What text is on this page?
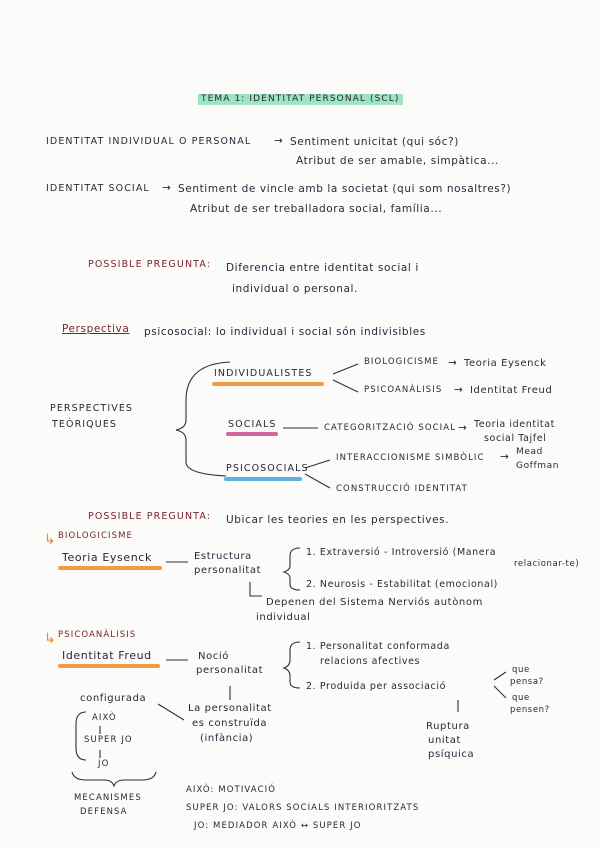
TEMA 1: IDENTITAT PERSONAL (SCL)
IDENTITAT INDIVIDUAL O PERSONAL → Sentiment unicitat (qui sóc?)
Atribut de ser amable, simpàtica...
IDENTITAT SOCIAL → Sentiment de vincle amb la societat (qui som nosaltres?)
Atribut de ser treballadora social, família...
POSSIBLE PREGUNTA: Diferencia entre identitat social i
individual o personal.
Perspectiva psicosocial: lo individual i social són indivisibles
PERSPECTIVES
TEÒRIQUES
INDIVIDUALISTES
BIOLOGICISME → Teoria Eysenck
PSICOANÀLISIS → Identitat Freud
SOCIALS	CATEGORITZACIÓ SOCIAL → Teoria identitat
social Tajfel
PSICOSOCIALS
INTERACCIONISME SIMBÒLIC → Mead
Goffman
CONSTRUCCIÓ IDENTITAT
POSSIBLE PREGUNTA: Ubicar les teories en les perspectives.
↳ BIOLOGICISME
Teoria Eysenck	Estructura
personalitat
1. Extraversió - Introversió (Manera
relacionar-te)
2. Neurosis - Estabilitat (emocional)
Depenen del Sistema Nerviós autònom
individual
↳ PSICOANÀLISIS
Identitat Freud	Noció
personalitat
1. Personalitat conformada
relacions afectives
2. Produida per associació
que
pensa?
que
pensen?
Ruptura
unitat
psíquica
La personalitat
es construïda
(infància)
configurada
AIXÒ
SUPER JO
JO
MECANISMES
DEFENSA
AIXÒ: MOTIVACIÓ
SUPER JO: VALORS SOCIALS INTERIORITZATS
JO: MEDIADOR AIXÒ ↔ SUPER JO
